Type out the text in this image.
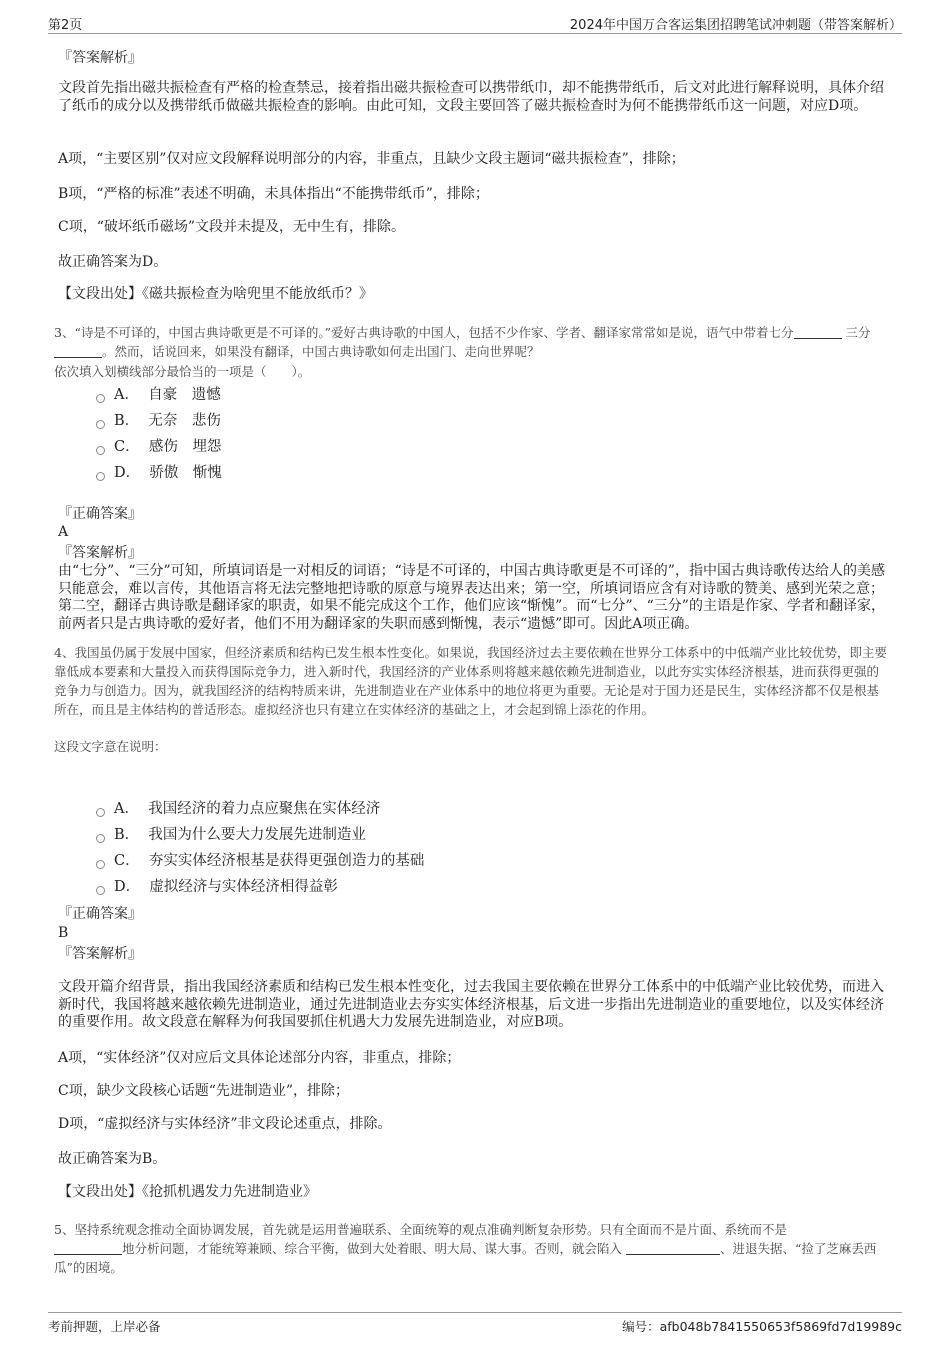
第2页	2024年中国万合客运集团招聘笔试冲刺题（带答案解析）
『答案解析』
文段首先指出磁共振检查有严格的检查禁忌，接着指出磁共振检查可以携带纸巾，却不能携带纸币，后文对此进行解释说明，具体介绍了纸币的成分以及携带纸币做磁共振检查的影响。由此可知，文段主要回答了磁共振检查时为何不能携带纸币这一问题，对应D项。
A项，“主要区别”仅对应文段解释说明部分的内容，非重点，且缺少文段主题词“磁共振检查”，排除；
B项，“严格的标准”表述不明确，未具体指出“不能携带纸币”，排除；
C项，“破坏纸币磁场”文段并未提及，无中生有，排除。
故正确答案为D。
【文段出处】《磁共振检查为啥兜里不能放纸币？》
3、“诗是不可译的，中国古典诗歌更是不可译的。”爱好古典诗歌的中国人，包括不少作家、学者、翻译家常常如是说，语气中带着七分	三分。然而，话说回来，如果没有翻译，中国古典诗歌如何走出国门、走向世界呢？
依次填入划横线部分最恰当的一项是（　　）。
A． 自豪　遗憾
B． 无奈　悲伤
C． 感伤　埋怨
D． 骄傲　惭愧
『正确答案』
A
『答案解析』
由“七分”、“三分”可知，所填词语是一对相反的词语；“诗是不可译的，中国古典诗歌更是不可译的”，指中国古典诗歌传达给人的美感只能意会，难以言传，其他语言将无法完整地把诗歌的原意与境界表达出来；第一空，所填词语应含有对诗歌的赞美、感到光荣之意；第二空，翻译古典诗歌是翻译家的职责，如果不能完成这个工作，他们应该“惭愧”。而“七分”、“三分”的主语是作家、学者和翻译家，前两者只是古典诗歌的爱好者，他们不用为翻译家的失职而感到惭愧，表示“遗憾”即可。因此A项正确。
4、我国虽仍属于发展中国家，但经济素质和结构已发生根本性变化。如果说，我国经济过去主要依赖在世界分工体系中的中低端产业比较优势，即主要靠低成本要素和大量投入而获得国际竞争力，进入新时代，我国经济的产业体系则将越来越依赖先进制造业，以此夯实实体经济根基，进而获得更强的竞争力与创造力。因为，就我国经济的结构特质来讲，先进制造业在产业体系中的地位将更为重要。无论是对于国力还是民生，实体经济都不仅是根基所在，而且是主体结构的普适形态。虚拟经济也只有建立在实体经济的基础之上，才会起到锦上添花的作用。
这段文字意在说明：
A． 我国经济的着力点应聚焦在实体经济
B． 我国为什么要大力发展先进制造业
C． 夯实实体经济根基是获得更强创造力的基础
D． 虚拟经济与实体经济相得益彰
『正确答案』
B
『答案解析』
文段开篇介绍背景，指出我国经济素质和结构已发生根本性变化，过去我国主要依赖在世界分工体系中的中低端产业比较优势，而进入新时代，我国将越来越依赖先进制造业，通过先进制造业去夯实实体经济根基，后文进一步指出先进制造业的重要地位，以及实体经济的重要作用。故文段意在解释为何我国要抓住机遇大力发展先进制造业，对应B项。
A项，“实体经济”仅对应后文具体论述部分内容，非重点，排除；
C项，缺少文段核心话题“先进制造业”，排除；
D项，“虚拟经济与实体经济”非文段论述重点，排除。
故正确答案为B。
【文段出处】《抢抓机遇发力先进制造业》
5、坚持系统观念推动全面协调发展，首先就是运用普遍联系、全面统筹的观点准确判断复杂形势。只有全面而不是片面、系统而不是
地分析问题，才能统筹兼顾、综合平衡，做到大处着眼、明大局、谋大事。否则，就会陷入	、进退失据、“捡了芝麻丢西瓜”的困境。
考前押题，上岸必备	编号：afb048b7841550653f5869fd7d19989c
